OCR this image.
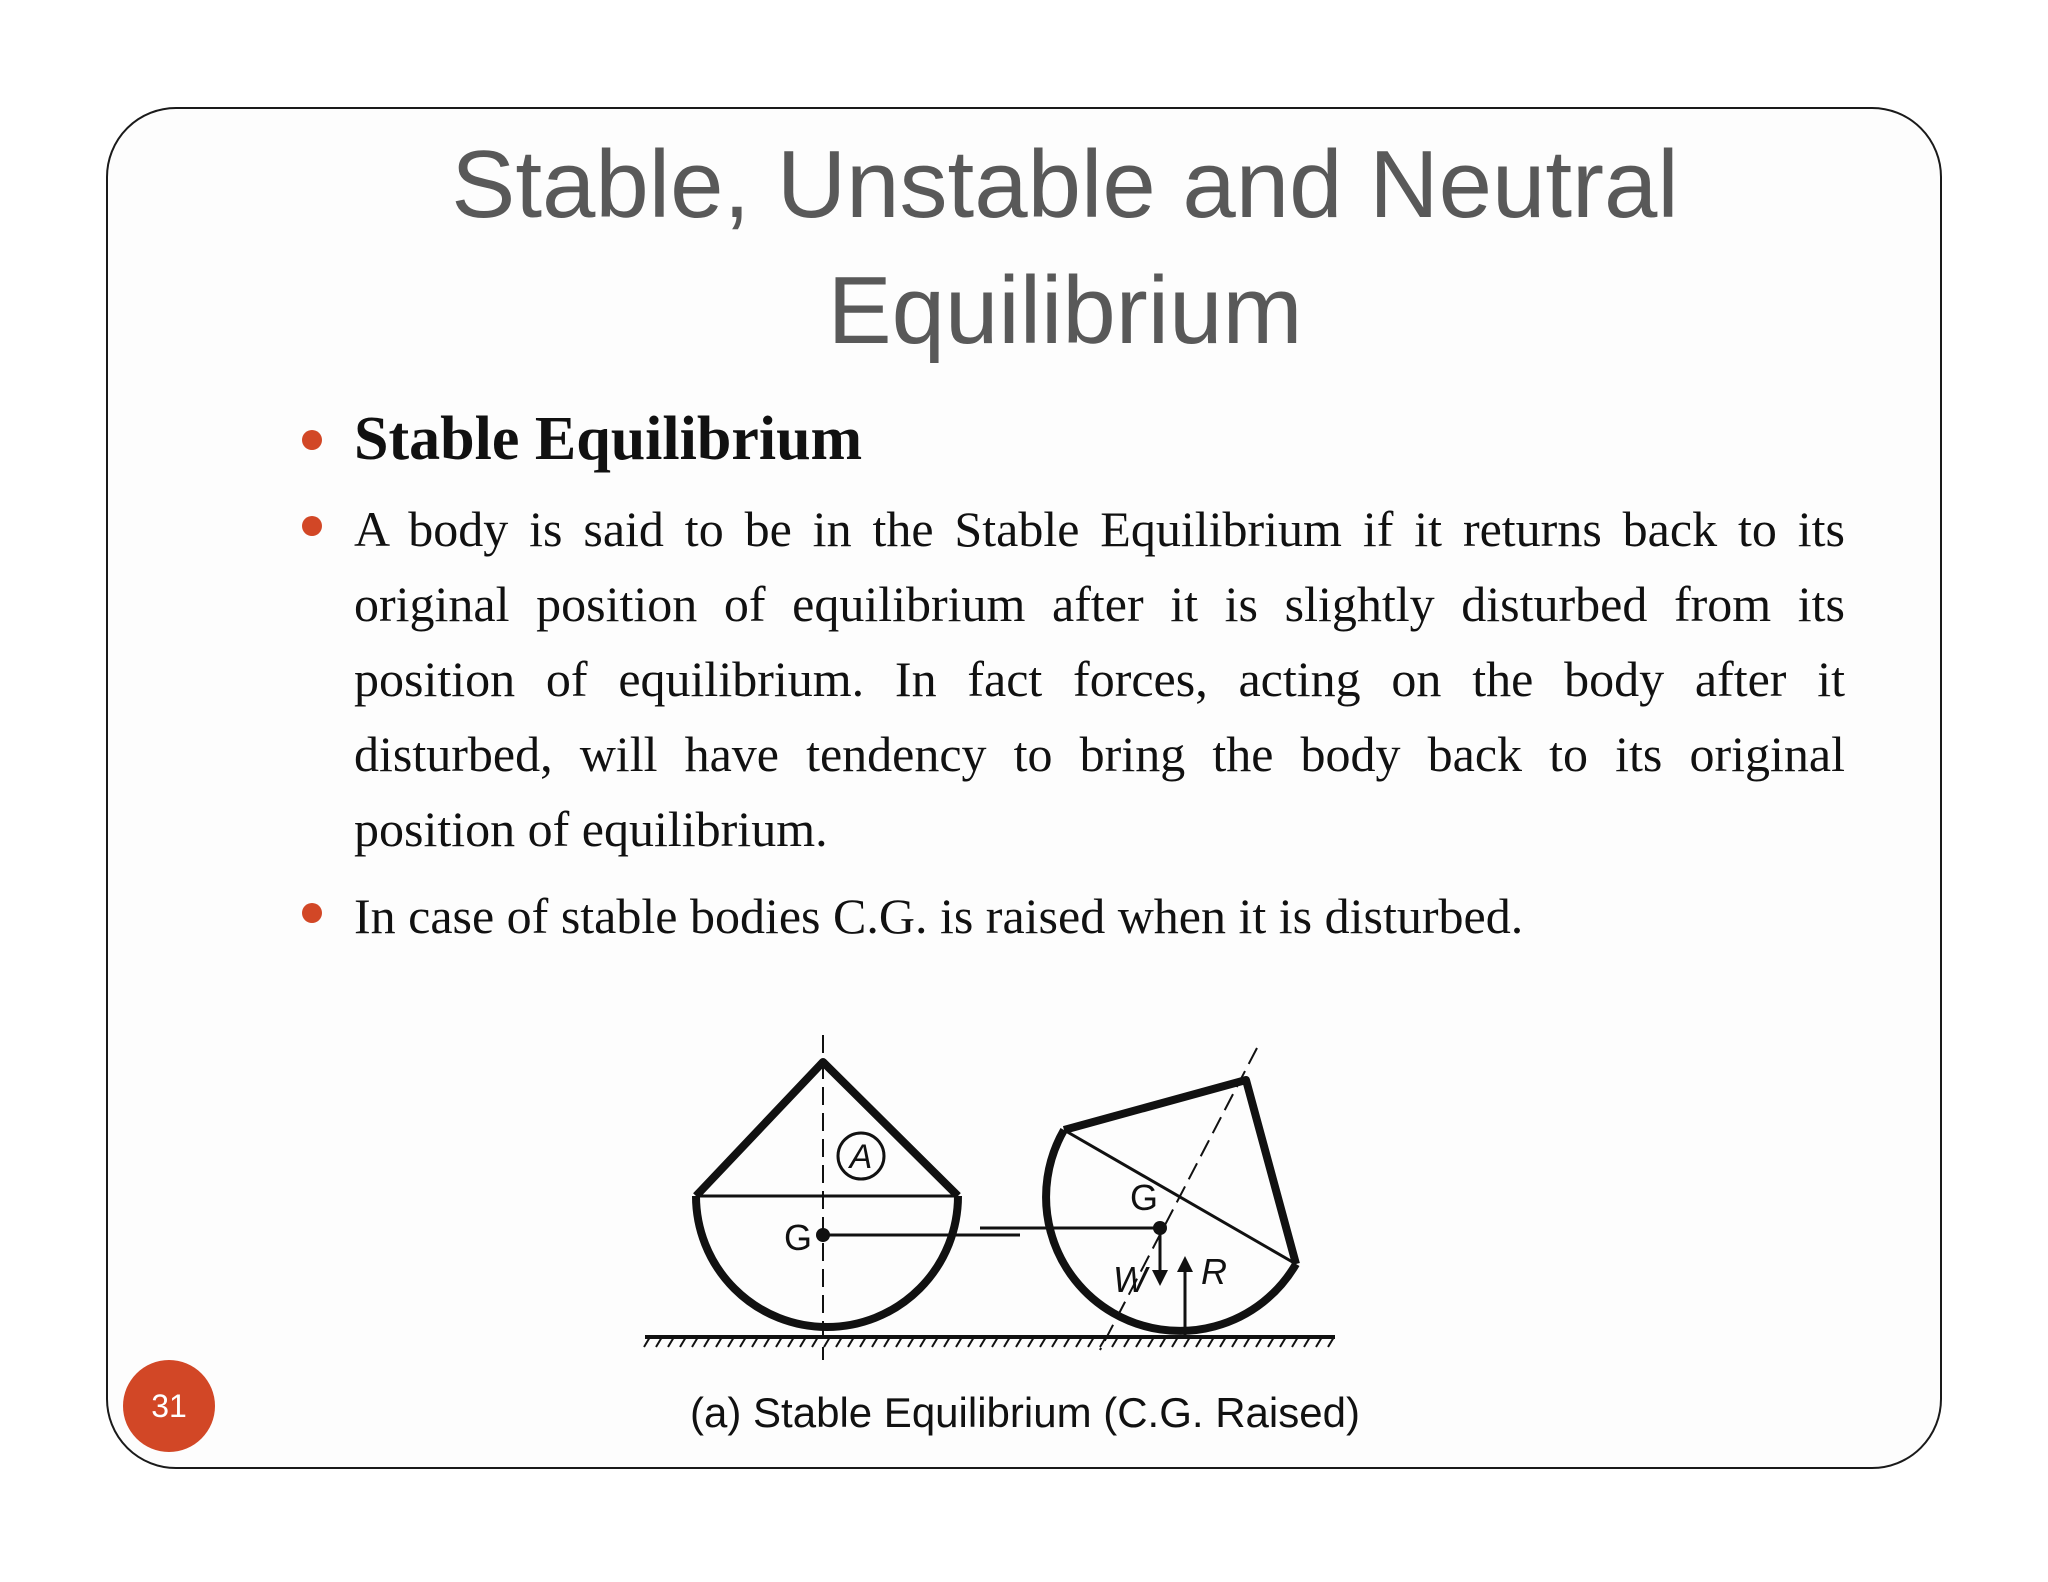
Stable, Unstable and Neutral
Equilibrium
Stable Equilibrium
A body is said to be in the Stable Equilibrium if it returns back to its original position of equilibrium after it is slightly disturbed from its position of equilibrium. In fact forces, acting on the body after it disturbed, will have tendency to bring the body back to its original position of equilibrium.
In case of stable bodies C.G. is raised when it is disturbed.
A
G
G
W R
(a) Stable Equilibrium (C.G. Raised)
31
